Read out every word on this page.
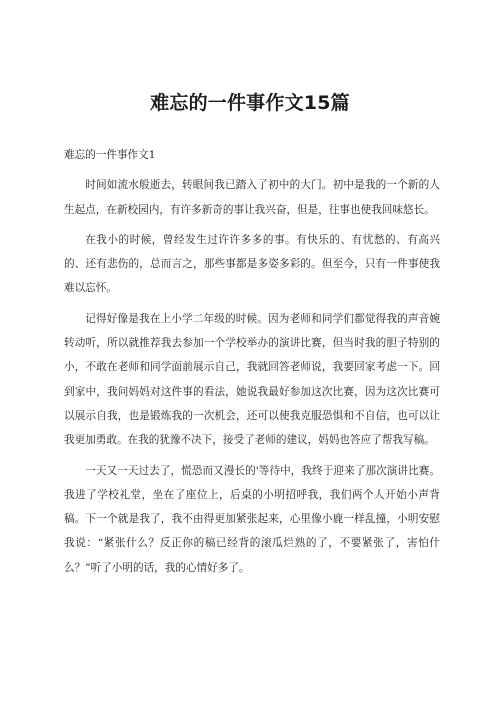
难忘的一件事作文15篇

难忘的一件事作文1

时间如流水般逝去，转眼间我已踏入了初中的大门。初中是我的一个新的人生起点，在新校园内，有许多新奇的事让我兴奋，但是，往事也使我回味悠长。

在我小的时候，曾经发生过许许多多的事。有快乐的、有忧愁的、有高兴的、还有悲伤的，总而言之，那些事都是多姿多彩的。但至今，只有一件事使我难以忘怀。

记得好像是我在上小学二年级的时候。因为老师和同学们都觉得我的声音婉转动听，所以就推荐我去参加一个学校举办的演讲比赛，但当时我的胆子特别的小，不敢在老师和同学面前展示自己，我就回答老师说，我要回家考虑一下。回到家中，我问妈妈对这件事的看法，她说我最好参加这次比赛，因为这次比赛可以展示自我，也是锻炼我的一次机会，还可以使我克服恐惧和不自信，也可以让我更加勇敢。在我的犹豫不决下，接受了老师的建议，妈妈也答应了帮我写稿。

一天又一天过去了，慌恐而又漫长的'等待中，我终于迎来了那次演讲比赛。我进了学校礼堂，坐在了座位上，后桌的小明招呼我，我们两个人开始小声背稿。下一个就是我了，我不由得更加紧张起来，心里像小鹿一样乱撞，小明安慰我说：“紧张什么？反正你的稿已经背的滚瓜烂熟的了，不要紧张了，害怕什么？”听了小明的话，我的心情好多了。
